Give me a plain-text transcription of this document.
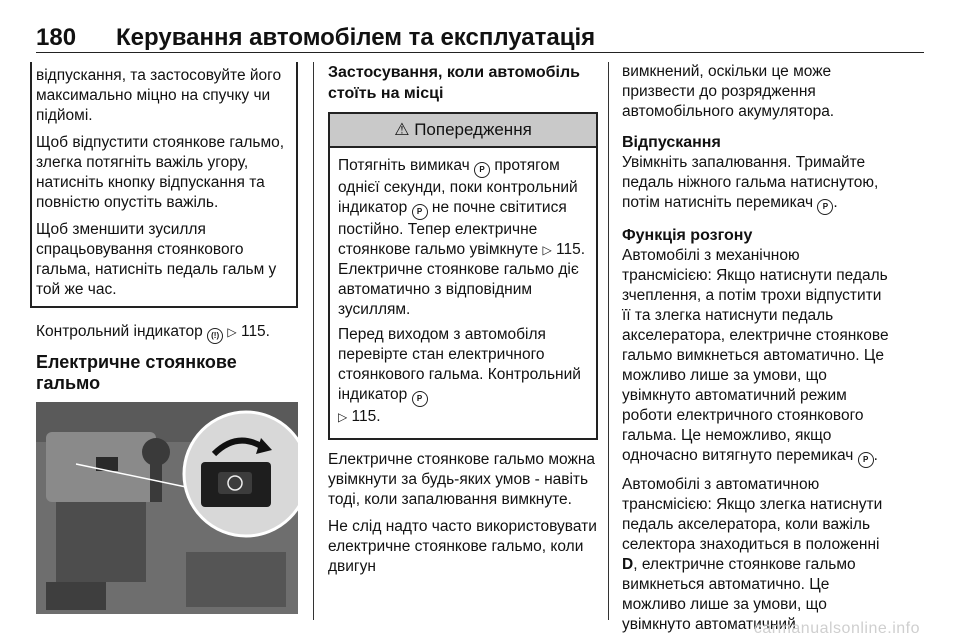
180	Керування автомобілем та експлуатація

відпускання, та застосовуйте його максимально міцно на спучку чи підйомі.

Щоб відпустити стоянкове гальмо, злегка потягніть важіль угору, натисніть кнопку відпускання та повністю опустіть важіль.

Щоб зменшити зусилля спрацьовування стоянкового гальма, натисніть педаль гальм у той же час.

Контрольний індикатор (!) ▷ 115.

Електричне стоянкове гальмо
Застосування, коли автомобіль стоїть на місці
⚠ Попередження

Потягніть вимикач P протягом однієї секунди, поки контрольний індикатор P не почне світитися постійно. Тепер електричне стоянкове гальмо увімкнуте ▷ 115. Електричне стоянкове гальмо діє автоматично з відповідним зусиллям.

Перед виходом з автомобіля перевірте стан електричного стоянкового гальма. Контрольний індикатор P
▷ 115.

Електричне стоянкове гальмо можна увімкнути за будь-яких умов - навіть тоді, коли запалювання вимкнуте.

Не слід надто часто використовувати електричне стоянкове гальмо, коли двигун

вимкнений, оскільки це може призвести до розрядження автомобільного акумулятора.

Відпускання

Увімкніть запалювання. Тримайте педаль ніжного гальма натиснутою, потім натисніть перемикач P .

Функція розгону

Автомобілі з механічною трансмісією: Якщо натиснути педаль зчеплення, а потім трохи відпустити її та злегка натиснути педаль акселератора, електричне стоянкове гальмо вимкнеться автоматично. Це можливо лише за умови, що увімкнуто автоматичний режим роботи електричного стоянкового гальма. Це неможливо, якщо одночасно витягнуто перемикач P .

Автомобілі з автоматичною трансмісією: Якщо злегка натиснути педаль акселератора, коли важіль селектора знаходиться в положенні D, електричне стоянкове гальмо вимкнеться автоматично. Це можливо лише за умови, що увімкнуто автоматичний

carmanualsonline.info
